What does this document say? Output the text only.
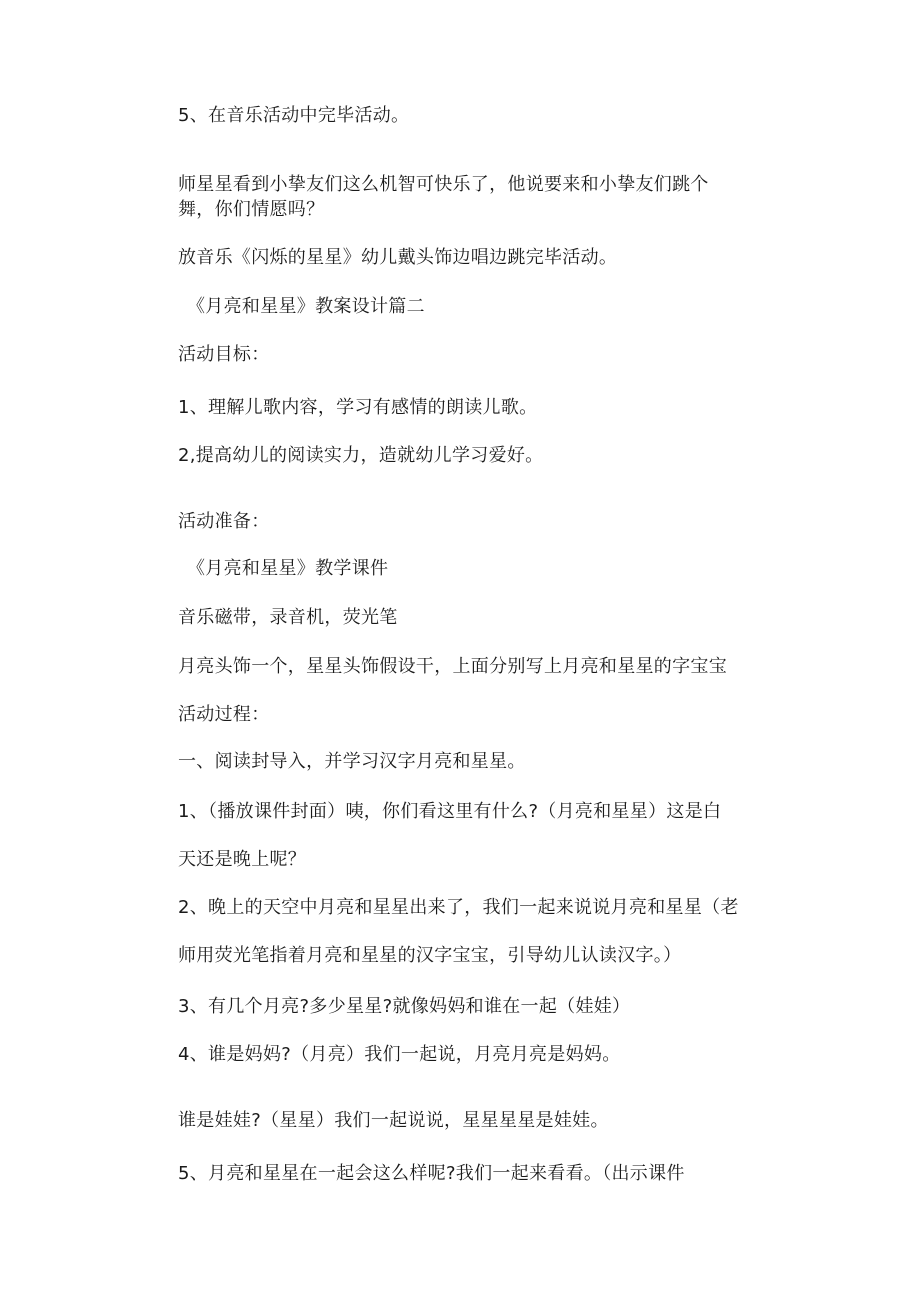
5、在音乐活动中完毕活动。
师星星看到小挚友们这么机智可快乐了，他说要来和小挚友们跳个
舞，你们情愿吗？
放音乐《闪烁的星星》幼儿戴头饰边唱边跳完毕活动。
《月亮和星星》教案设计篇二
活动目标：
1、理解儿歌内容，学习有感情的朗读儿歌。
2,提高幼儿的阅读实力，造就幼儿学习爱好。
活动准备：
《月亮和星星》教学课件
音乐磁带，录音机，荧光笔
月亮头饰一个，星星头饰假设干，上面分别写上月亮和星星的字宝宝
活动过程：
一、阅读封导入，并学习汉字月亮和星星。
1、（播放课件封面）咦，你们看这里有什么?（月亮和星星）这是白
天还是晚上呢？
2、晚上的天空中月亮和星星出来了，我们一起来说说月亮和星星（老
师用荧光笔指着月亮和星星的汉字宝宝，引导幼儿认读汉字。）
3、有几个月亮?多少星星?就像妈妈和谁在一起（娃娃）
4、谁是妈妈?（月亮）我们一起说，月亮月亮是妈妈。
谁是娃娃?（星星）我们一起说说，星星星星是娃娃。
5、月亮和星星在一起会这么样呢?我们一起来看看。（出示课件
